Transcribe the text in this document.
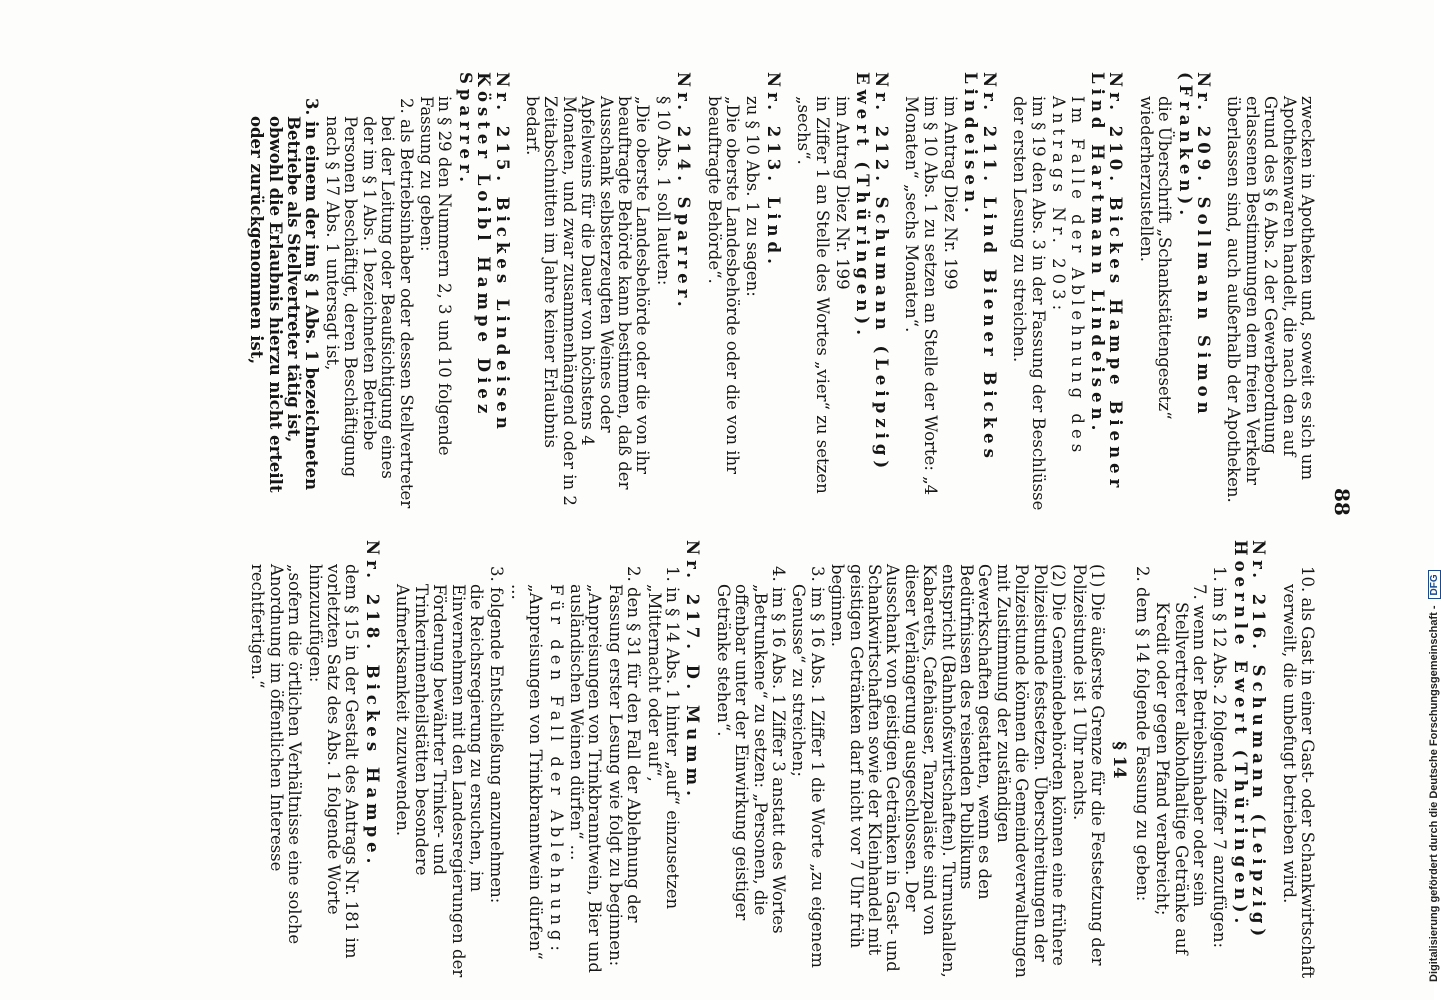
88

zwecken in Apotheken und, soweit es sich um Apothekenwaren handelt, die nach den auf Grund des § 6 Abs. 2 der Gewerbeordnung erlassenen Bestimmungen dem freien Verkehr überlassen sind, auch außerhalb der Apotheken.

Nr. 209. Sollmann Simon (Franken).

die Überschrift „Schankstättengesetz“ wiederherzustellen.

Nr. 210. Bickes Hampe Biener Lind Hartmann Lindeisen.

Im Falle der Ablehnung des Antrags Nr. 203:

im § 19 den Abs. 3 in der Fassung der Beschlüsse der ersten Lesung zu streichen.

Nr. 211. Lind Biener Bickes Lindeisen.

im Antrag Diez Nr. 199

im § 10 Abs. 1 zu setzen an Stelle der Worte: „4 Monaten“ „sechs Monaten“.

Nr. 212. Schumann (Leipzig) Ewert (Thüringen).

im Antrag Diez Nr. 199

in Ziffer 1 an Stelle des Wortes „vier“ zu setzen „sechs“.

Nr. 213. Lind.

zu § 10 Abs. 1 zu sagen:

„Die oberste Landesbehörde oder die von ihr beauftragte Behörde“.

Nr. 214. Sparrer.

§ 10 Abs. 1 soll lauten:

„Die oberste Landesbehörde oder die von ihr beauftragte Behörde kann bestimmen, daß der Ausschank selbsterzeugten Weines oder Apfelweins für die Dauer von höchstens 4 Monaten, und zwar zusammenhängend oder in 2 Zeitabschnitten im Jahre keiner Erlaubnis bedarf.

Nr. 215. Bickes Lindeisen Köster Loibl Hampe Diez Sparrer.

in § 29 den Nummern 2, 3 und 10 folgende Fassung zu geben:

2. als Betriebsinhaber oder dessen Stellvertreter bei der Leitung oder Beaufsichtigung eines der im § 1 Abs. 1 bezeichneten Betriebe Personen beschäftigt, deren Beschäftigung nach § 17 Abs. 1 untersagt ist,

3. in einem der im § 1 Abs. 1 bezeichneten Betriebe als Stellvertreter tätig ist, obwohl die Erlaubnis hierzu nicht erteilt oder zurückgenommen ist,

10. als Gast in einer Gast- oder Schankwirtschaft verweilt, die unbefugt betrieben wird.

Nr. 216. Schumann (Leipzig) Hoernle Ewert (Thüringen).

1. im § 12 Abs. 2 folgende Ziffer 7 anzufügen:

7. wenn der Betriebsinhaber oder sein Stellvertreter alkoholhaltige Getränke auf Kredit oder gegen Pfand verabreicht;

2. dem § 14 folgende Fassung zu geben:

§ 14

(1) Die äußerste Grenze für die Festsetzung der Polizeistunde ist 1 Uhr nachts.

(2) Die Gemeindebehörden können eine frühere Polizeistunde festsetzen. Überschreitungen der Polizeistunde können die Gemeindeverwaltungen mit Zustimmung der zuständigen Gewerkschaften gestatten, wenn es den Bedürfnissen des reisenden Publikums entspricht (Bahnhofswirtschaften). Turnushallen, Kabaretts, Cafehäuser, Tanzpaläste sind von dieser Verlängerung ausgeschlossen. Der Ausschank von geistigen Getränken in Gast- und Schankwirtschaften sowie der Kleinhandel mit geistigen Getränken darf nicht vor 7 Uhr früh beginnen.

3. im § 16 Abs. 1 Ziffer 1 die Worte „zu eigenem Genusse“ zu streichen;

4. im § 16 Abs. 1 Ziffer 3 anstatt des Wortes „Betrunkene“ zu setzen: „Personen, die offenbar unter der Einwirkung geistiger Getränke stehen“.

Nr. 217. D. Mumm.

1. in § 14 Abs. 1 hinter „auf“ einzusetzen „Mitternacht oder auf“,

2. den § 31 für den Fall der Ablehnung der Fassung erster Lesung wie folgt zu beginnen:

„Anpreisungen von Trinkbranntwein, Bier und ausländischen Weinen dürfen“ ...

Für den Fall der Ablehnung:

„Anpreisungen von Trinkbranntwein dürfen“ ...

3. folgende Entschließung anzunehmen:

die Reichsregierung zu ersuchen, im Einvernehmen mit den Landesregierungen der Förderung bewährter Trinker- und Trinkerinnenheilstätten besondere Aufmerksamkeit zuzuwenden.

Nr. 218. Bickes Hampe.

dem § 15 in der Gestalt des Antrags Nr. 181 im vorletzten Satz des Abs. 1 folgende Worte hinzuzufügen:

„sofern die örtlichen Verhältnisse eine solche Anordnung im öffentlichen Interesse rechtfertigen.“	Digitalisierung gefördert durch die Deutsche Forschungsgemeinschaft -DFG
